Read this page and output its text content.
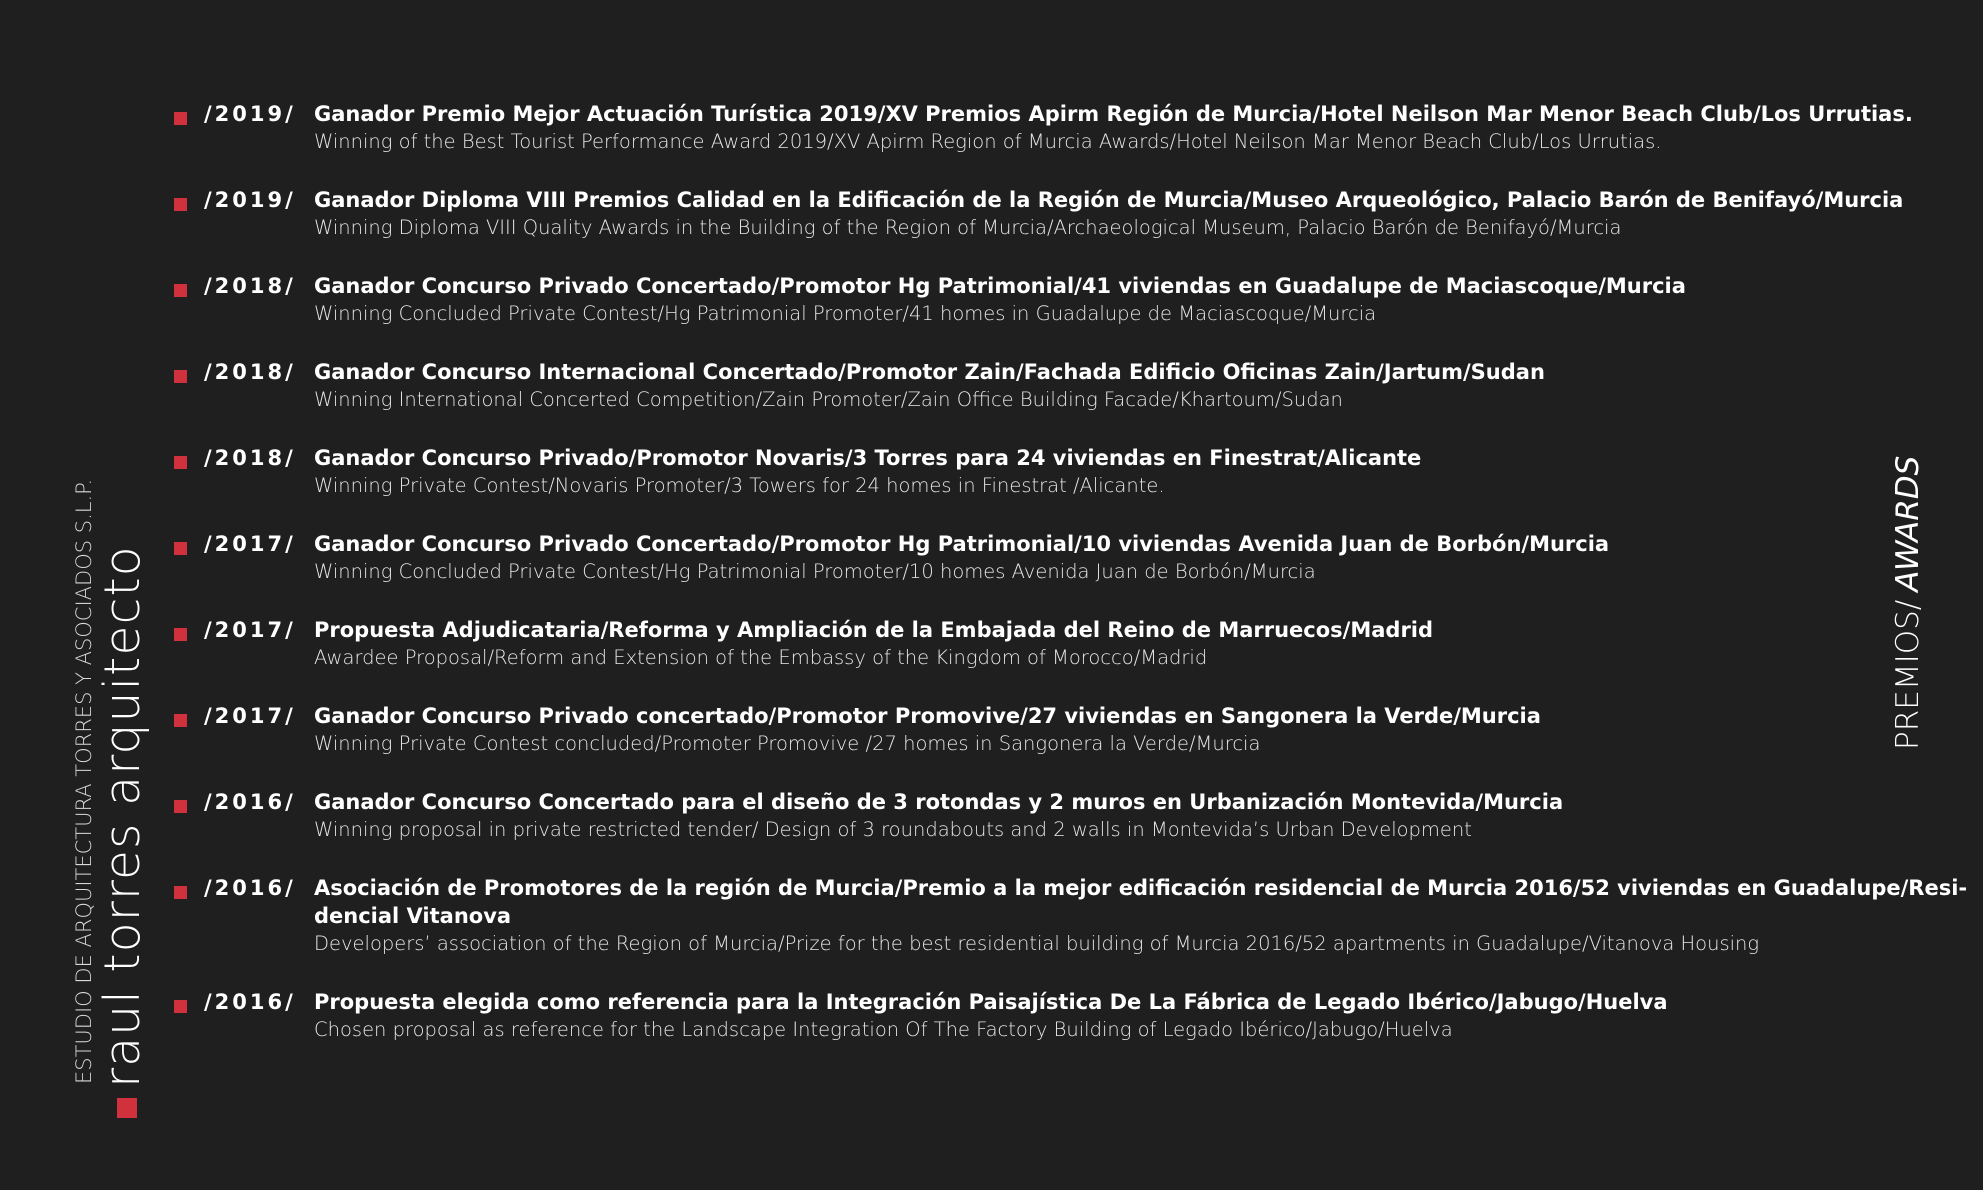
ESTUDIO DE ARQUITECTURA TORRES Y ASOCIADOS S.L.P.
raul torres arquitecto	PREMIOS/AWARDS
/2019/ Ganador Premio Mejor Actuación Turística 2019/XV Premios Apirm Región de Murcia/Hotel Neilson Mar Menor Beach Club/Los Urrutias.
Winning of the Best Tourist Performance Award 2019/XV Apirm Region of Murcia Awards/Hotel Neilson Mar Menor Beach Club/Los Urrutias.
/2019/ Ganador Diploma VIII Premios Calidad en la Edificación de la Región de Murcia/Museo Arqueológico, Palacio Barón de Benifayó/Murcia
Winning Diploma VIII Quality Awards in the Building of the Region of Murcia/Archaeological Museum, Palacio Barón de Benifayó/Murcia
/2018/ Ganador Concurso Privado Concertado/Promotor Hg Patrimonial/41 viviendas en Guadalupe de Maciascoque/Murcia
Winning Concluded Private Contest/Hg Patrimonial Promoter/41 homes in Guadalupe de Maciascoque/Murcia
/2018/ Ganador Concurso Internacional Concertado/Promotor Zain/Fachada Edificio Oficinas Zain/Jartum/Sudan
Winning International Concerted Competition/Zain Promoter/Zain Office Building Facade/Khartoum/Sudan
/2018/ Ganador Concurso Privado/Promotor Novaris/3 Torres para 24 viviendas en Finestrat/Alicante
Winning Private Contest/Novaris Promoter/3 Towers for 24 homes in Finestrat /Alicante.
/2017/ Ganador Concurso Privado Concertado/Promotor Hg Patrimonial/10 viviendas Avenida Juan de Borbón/Murcia
Winning Concluded Private Contest/Hg Patrimonial Promoter/10 homes Avenida Juan de Borbón/Murcia
/2017/ Propuesta Adjudicataria/Reforma y Ampliación de la Embajada del Reino de Marruecos/Madrid
Awardee Proposal/Reform and Extension of the Embassy of the Kingdom of Morocco/Madrid
/2017/ Ganador Concurso Privado concertado/Promotor Promovive/27 viviendas en Sangonera la Verde/Murcia
Winning Private Contest concluded/Promoter Promovive /27 homes in Sangonera la Verde/Murcia
/2016/ Ganador Concurso Concertado para el diseño de 3 rotondas y 2 muros en Urbanización Montevida/Murcia
Winning proposal in private restricted tender/ Design of 3 roundabouts and 2 walls in Montevida’s Urban Development
/2016/ Asociación de Promotores de la región de Murcia/Premio a la mejor edificación residencial de Murcia 2016/52 viviendas en Guadalupe/Resi-
dencial Vitanova
Developers’ association of the Region of Murcia/Prize for the best residential building of Murcia 2016/52 apartments in Guadalupe/Vitanova Housing
/2016/ Propuesta elegida como referencia para la Integración Paisajística De La Fábrica de Legado Ibérico/Jabugo/Huelva
Chosen proposal as reference for the Landscape Integration Of The Factory Building of Legado Ibérico/Jabugo/Huelva
